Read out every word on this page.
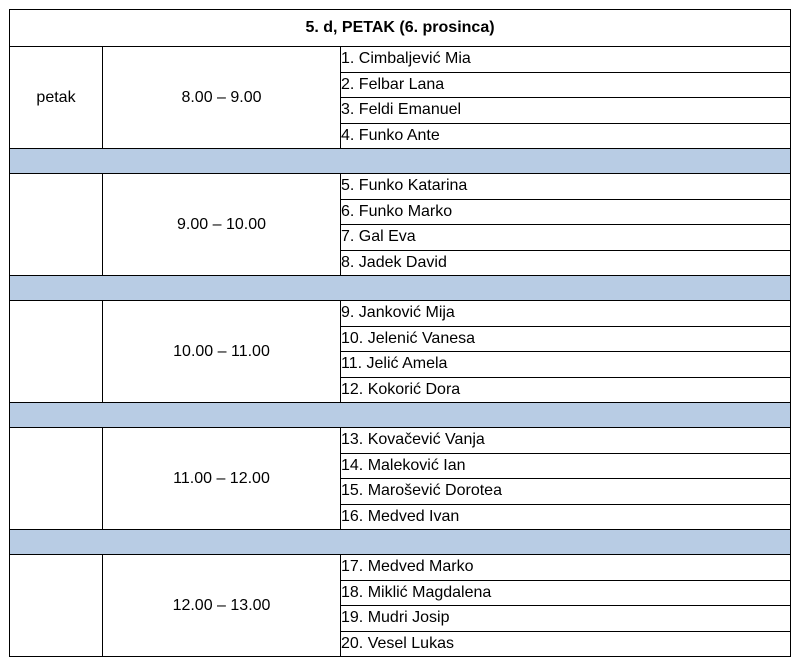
5. d, PETAK (6. prosinca)		
petak	8.00 – 9.00	1. Cimbaljević Mia
		2. Felbar Lana
		3. Feldi Emanuel
		4. Funko Ante

	9.00 – 10.00	5. Funko Katarina
		6. Funko Marko
		7. Gal Eva
		8. Jadek David

	10.00 – 11.00	9. Janković Mija
		10. Jelenić Vanesa
		11. Jelić Amela
		12. Kokorić Dora

	11.00 – 12.00	13. Kovačević Vanja
		14. Maleković Ian
		15. Marošević Dorotea
		16. Medved Ivan

	12.00 – 13.00	17. Medved Marko
		18. Miklić Magdalena
		19. Mudri Josip
		20. Vesel Lukas
